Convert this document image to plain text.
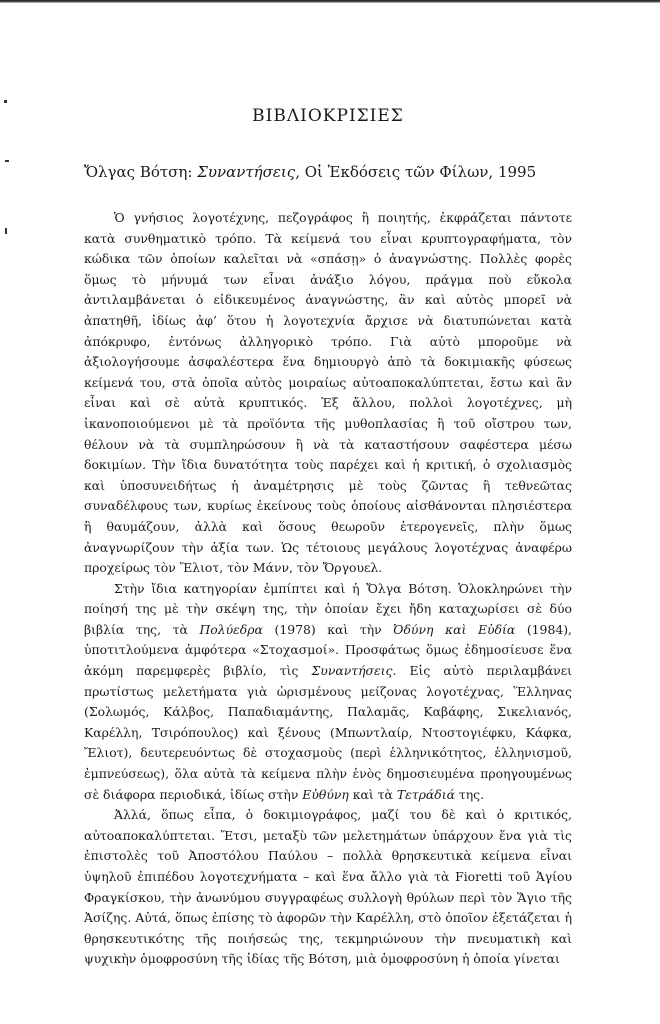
ΒΙΒΛΙΟΚΡΙΣΙΕΣ
Ὄλγας Βότση: Συναντήσεις, Οἱ Ἐκδόσεις τῶν Φίλων, 1995

Ὁ γνήσιος λογοτέχνης, πεζογράφος ἢ ποιητής, ἐκφράζεται πάντοτε κατὰ συνθηματικὸ τρόπο. Τὰ κείμενά του εἶναι κρυπτογραφήματα, τὸν κώδικα τῶν ὁποίων καλεῖται νὰ «σπάσῃ» ὁ ἀναγνώστης. Πολλὲς φορὲς ὅμως τὸ μήνυμά των εἶναι ἀνάξιο λόγου, πράγμα ποὺ εὔκολα ἀντιλαμβάνεται ὁ εἰδικευμένος ἀναγνώστης, ἂν καὶ αὐτὸς μπορεῖ νὰ ἀπατηθῆ, ἰδίως ἀφ’ ὅτου ἡ λογοτεχνία ἄρχισε νὰ διατυπώνεται κατὰ ἀπόκρυφο, ἐντόνως ἀλληγορικὸ τρόπο. Γιὰ αὐτὸ μποροῦμε νὰ ἀξιολογήσουμε ἀσφαλέστερα ἕνα δημιουργὸ ἀπὸ τὰ δοκιμιακῆς φύσεως κείμενά του, στὰ ὁποῖα αὐτὸς μοιραίως αὐτοαποκαλύπτεται, ἔστω καὶ ἂν εἶναι καὶ σὲ αὐτὰ κρυπτικός. Ἐξ ἄλλου, πολλοὶ λογοτέχνες, μὴ ἱκανοποιούμενοι μὲ τὰ προϊόντα τῆς μυθοπλασίας ἢ τοῦ οἴστρου των, θέλουν νὰ τὰ συμπληρώσουν ἢ νὰ τὰ καταστήσουν σαφέστερα μέσω δοκιμίων. Τὴν ἴδια δυνατότητα τοὺς παρέχει καὶ ἡ κριτική, ὁ σχολιασμὸς καὶ ὑποσυνειδήτως ἡ ἀναμέτρησις μὲ τοὺς ζῶντας ἢ τεθνεῶτας συναδέλφους των, κυρίως ἐκείνους τοὺς ὁποίους αἰσθάνονται πλησιέστερα ἢ θαυμάζουν, ἀλλὰ καὶ ὅσους θεωροῦν ἑτερογενεῖς, πλὴν ὅμως ἀναγνωρίζουν τὴν ἀξία των. Ὡς τέτοιους μεγάλους λογοτέχνας ἀναφέρω προχείρως τὸν Ἔλιοτ, τὸν Μάνν, τὸν Ὄργουελ.

Στὴν ἴδια κατηγορίαν ἐμπίπτει καὶ ἡ Ὄλγα Βότση. Ὁλοκληρώνει τὴν ποίησή της μὲ τὴν σκέψη της, τὴν ὁποίαν ἔχει ἤδη καταχωρίσει σὲ δύο βιβλία της, τὰ Πολύεδρα (1978) καὶ τὴν Ὀδύνη καὶ Εὐδία (1984), ὑποτιτλούμενα ἀμφότερα «Στοχασμοί». Προσφάτως ὅμως ἐδημοσίευσε ἕνα ἀκόμη παρεμφερὲς βιβλίο, τὶς Συναντήσεις. Εἰς αὐτὸ περιλαμβάνει πρωτίστως μελετήματα γιὰ ὡρισμένους μείζονας λογοτέχνας, Ἕλληνας (Σολωμός, Κάλβος, Παπαδιαμάντης, Παλαμᾶς, Καβάφης, Σικελιανός, Καρέλλη, Τσιρόπουλος) καὶ ξένους (Μπωντλαίρ, Ντοστογιέφκυ, Κάφκα, Ἔλιοτ), δευτερευόντως δὲ στοχασμοὺς (περὶ ἑλληνικότητος, ἑλληνισμοῦ, ἐμπνεύσεως), ὅλα αὐτὰ τὰ κείμενα πλὴν ἑνὸς δημοσιευμένα προηγουμένως σὲ διάφορα περιοδικά, ἰδίως στὴν Εὐθύνη καὶ τὰ Τετράδιά της.

Ἀλλά, ὅπως εἶπα, ὁ δοκιμιογράφος, μαζί του δὲ καὶ ὁ κριτικός, αὐτοαποκαλύπτεται. Ἔτσι, μεταξὺ τῶν μελετημάτων ὑπάρχουν ἕνα γιὰ τὶς ἐπιστολὲς τοῦ Ἀποστόλου Παύλου – πολλὰ θρησκευτικὰ κείμενα εἶναι ὑψηλοῦ ἐπιπέδου λογοτεχνήματα – καὶ ἕνα ἄλλο γιὰ τὰ Fioretti τοῦ Ἁγίου Φραγκίσκου, τὴν ἀνωνύμου συγγραφέως συλλογὴ θρύλων περὶ τὸν Ἅγιο τῆς Ἀσίζης. Αὐτά, ὅπως ἐπίσης τὸ ἀφορῶν τὴν Καρέλλη, στὸ ὁποῖον ἐξετάζεται ἡ θρησκευτικότης τῆς ποιήσεώς της, τεκμηριώνουν τὴν πνευματικὴ καὶ ψυχικὴν ὁμοφροσύνη τῆς ἰδίας τῆς Βότση, μιὰ ὁμοφροσύνη ἡ ὁποία γίνεται
